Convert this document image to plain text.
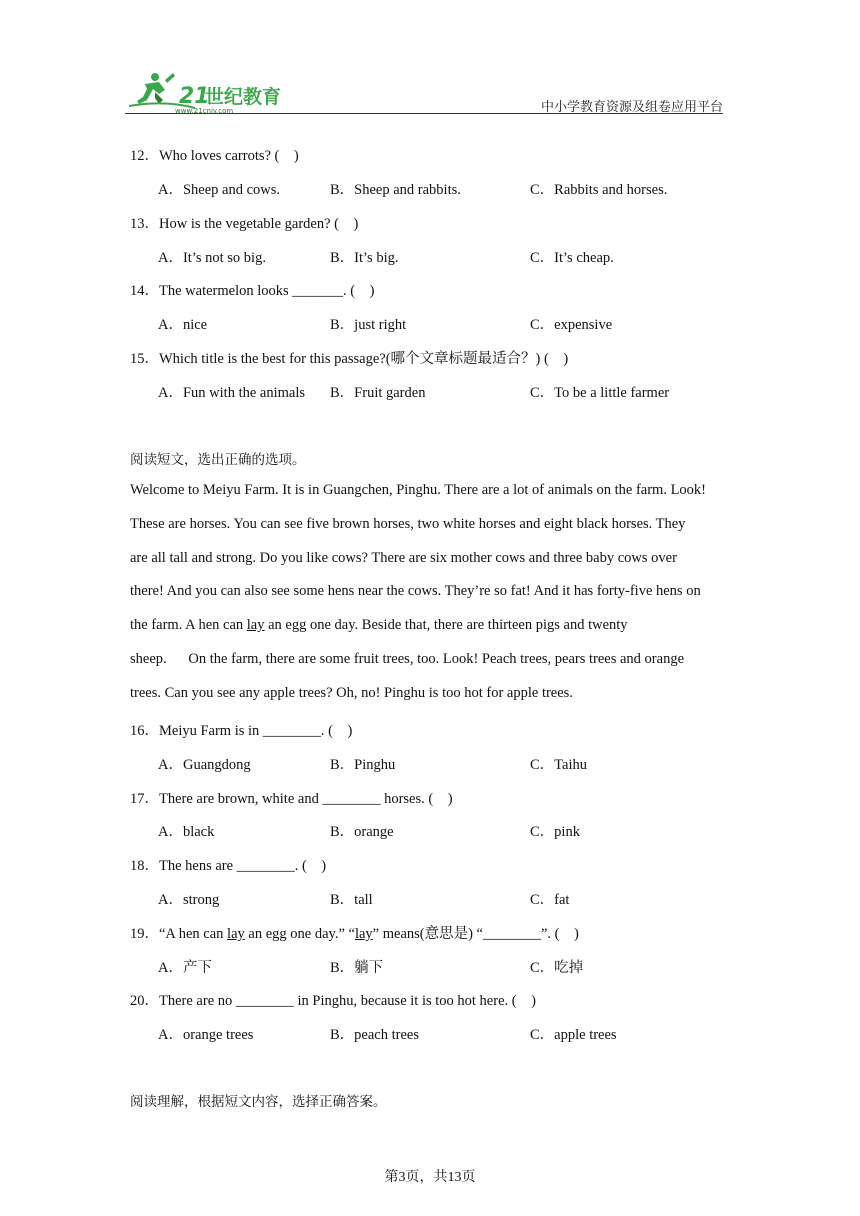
21
世纪教育
www.21cnjy.com	中小学教育资源及组卷应用平台
12．Who loves carrots? (　)
A．Sheep and cows.	B．Sheep and rabbits.	C．Rabbits and horses.
13．How is the vegetable garden? (　)
A．It’s not so big.	B．It’s big.	C．It’s cheap.
14．The watermelon looks _______. (　)
A．nice	B．just right	C．expensive
15．Which title is the best for this passage?(哪个文章标题最适合？) (　)
A．Fun with the animals B．Fruit garden	C．To be a little farmer
阅读短文，选出正确的选项。
Welcome to Meiyu Farm. It is in Guangchen, Pinghu. There are a lot of animals on the farm. Look!
These are horses. You can see five brown horses, two white horses and eight black horses. They
are all tall and strong. Do you like cows? There are six mother cows and three baby cows over
there! And you can also see some hens near the cows. They’re so fat! And it has forty-five hens on
the farm. A hen can lay an egg one day. Beside that, there are thirteen pigs and twenty
sheep.      On the farm, there are some fruit trees, too. Look! Peach trees, pears trees and orange
trees. Can you see any apple trees? Oh, no! Pinghu is too hot for apple trees.
16．Meiyu Farm is in ________. (　)
A．Guangdong	B．Pinghu	C．Taihu
17．There are brown, white and ________ horses. (　)
A．black	B．orange	C．pink
18．The hens are ________. (　)
A．strong	B．tall	C．fat
19．“A hen can lay an egg one day.” “lay” means(意思是) “________”. (　)
A．产下	B．躺下	C．吃掉
20．There are no ________ in Pinghu, because it is too hot here. (　)
A．orange trees	B．peach trees	C．apple trees
阅读理解，根据短文内容，选择正确答案。
第3页，共13页
